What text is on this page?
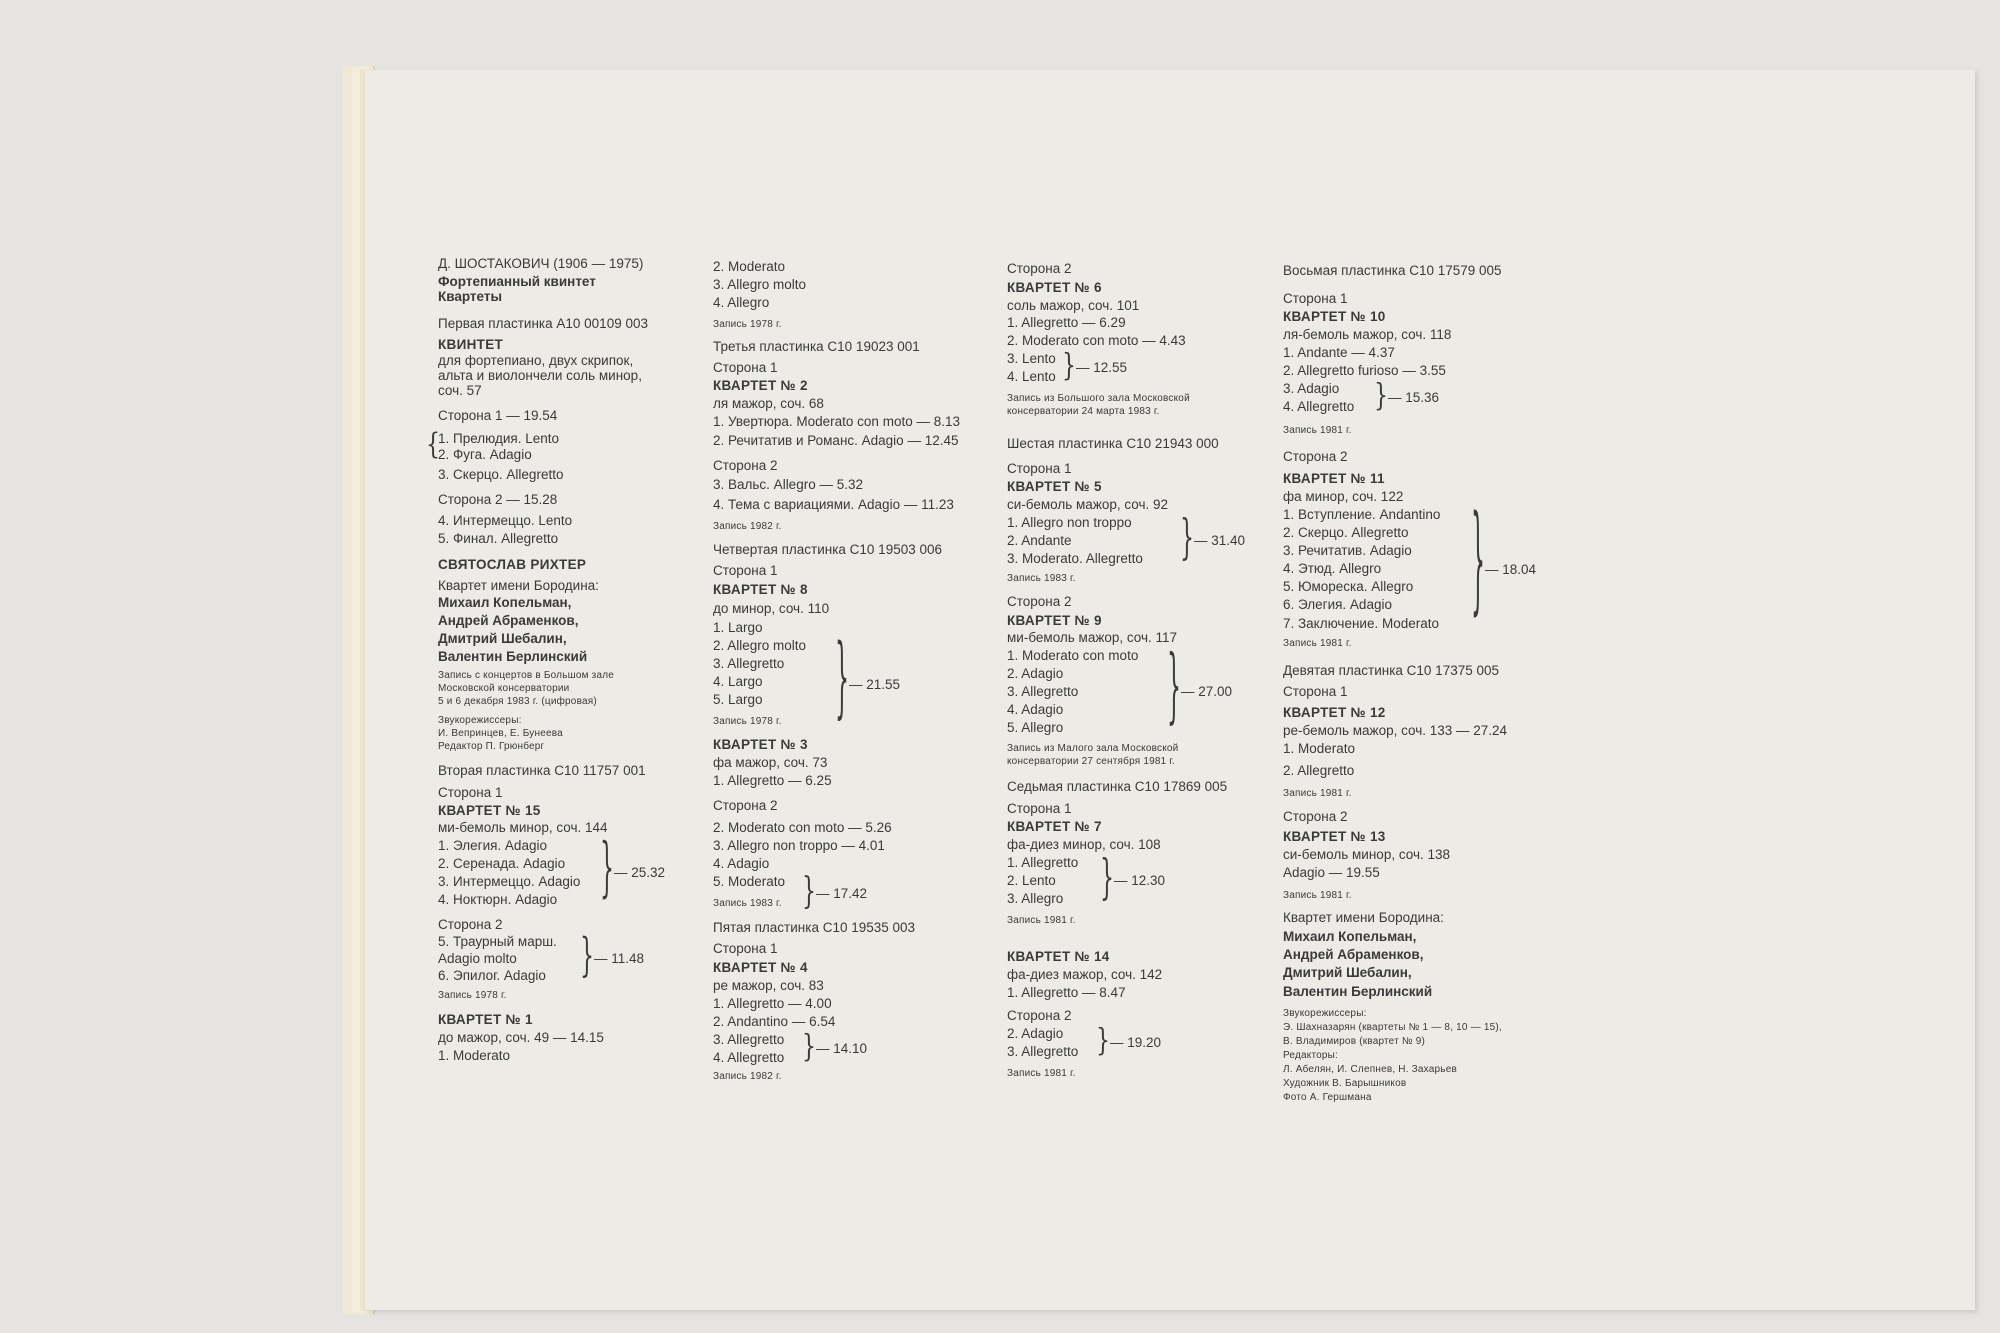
Д. ШОСТАКОВИЧ (1906 — 1975)
Фортепианный квинтет
Квартеты
Первая пластинка А10 00109 003
КВИНТЕТ
для фортепиано, двух скрипок,
альта и виолончели соль минор,
соч. 57
Сторона 1 — 19.54
1. Прелюдия. Lento
2. Фуга. Adagio
3. Скерцо. Allegretto
Сторона 2 — 15.28
4. Интермеццо. Lento
5. Финал. Allegretto
СВЯТОСЛАВ РИХТЕР
Квартет имени Бородина:
Михаил Копельман,
Андрей Абраменков,
Дмитрий Шебалин,
Валентин Берлинский
Запись с концертов в Большом зале
Московской консерватории
5 и 6 декабря 1983 г. (цифровая)
Звукорежиссеры:
И. Вепринцев, Е. Бунеева
Редактор П. Грюнберг
Вторая пластинка С10 11757 001
Сторона 1
КВАРТЕТ № 15
ми-бемоль минор, соч. 144
1. Элегия. Adagio
2. Серенада. Adagio
3. Интермеццо. Adagio
4. Ноктюрн. Adagio
Сторона 2
5. Траурный марш.
Adagio molto
6. Эпилог. Adagio
Запись 1978 г.
КВАРТЕТ № 1
до мажор, соч. 49 — 14.15
1. Moderato
} — 25.32
} — 11.48
{
2. Moderato
3. Allegro molto
4. Allegro
Запись 1978 г.
Третья пластинка С10 19023 001
Сторона 1
КВАРТЕТ № 2
ля мажор, соч. 68
1. Увертюра. Moderato con moto — 8.13
2. Речитатив и Романс. Adagio — 12.45
Сторона 2
3. Вальс. Allegro — 5.32
4. Тема с вариациями. Adagio — 11.23
Запись 1982 г.
Четвертая пластинка С10 19503 006
Сторона 1
КВАРТЕТ № 8
до минор, соч. 110
1. Largo
2. Allegro molto
3. Allegretto
4. Largo
5. Largo
Запись 1978 г.
КВАРТЕТ № 3
фа мажор, соч. 73
1. Allegretto — 6.25
Сторона 2
2. Moderato con moto — 5.26
3. Allegro non troppo — 4.01
4. Adagio
5. Moderato
Запись 1983 г.
Пятая пластинка С10 19535 003
Сторона 1
КВАРТЕТ № 4
ре мажор, соч. 83
1. Allegretto — 4.00
2. Andantino — 6.54
3. Allegretto
4. Allegretto
Запись 1982 г.
} — 21.55
} — 17.42
} — 14.10
Сторона 2
КВАРТЕТ № 6
соль мажор, соч. 101
1. Allegretto — 6.29
2. Moderato con moto — 4.43
3. Lento
4. Lento
Запись из Большого зала Московской
консерватории 24 марта 1983 г.
Шестая пластинка С10 21943 000
Сторона 1
КВАРТЕТ № 5
си-бемоль мажор, соч. 92
1. Allegro non troppo
2. Andante
3. Moderato. Allegretto
Запись 1983 г.
Сторона 2
КВАРТЕТ № 9
ми-бемоль мажор, соч. 117
1. Moderato con moto
2. Adagio
3. Allegretto
4. Adagio
5. Allegro
Запись из Малого зала Московской
консерватории 27 сентября 1981 г.
Седьмая пластинка С10 17869 005
Сторона 1
КВАРТЕТ № 7
фа-диез минор, соч. 108
1. Allegretto
2. Lento
3. Allegro
Запись 1981 г.
КВАРТЕТ № 14
фа-диез мажор, соч. 142
1. Allegretto — 8.47
Сторона 2
2. Adagio
3. Allegretto
Запись 1981 г.
} — 12.55
} — 31.40
} — 27.00
} — 12.30
} — 19.20
Восьмая пластинка С10 17579 005
Сторона 1
КВАРТЕТ № 10
ля-бемоль мажор, соч. 118
1. Andante — 4.37
2. Allegretto furioso — 3.55
3. Adagio
4. Allegretto
Запись 1981 г.
Сторона 2
КВАРТЕТ № 11
фа минор, соч. 122
1. Вступление. Andantino
2. Скерцо. Allegretto
3. Речитатив. Adagio
4. Этюд. Allegro
5. Юмореска. Allegro
6. Элегия. Adagio
7. Заключение. Moderato
Запись 1981 г.
Девятая пластинка С10 17375 005
Сторона 1
КВАРТЕТ № 12
ре-бемоль мажор, соч. 133 — 27.24
1. Moderato
2. Allegretto
Запись 1981 г.
Сторона 2
КВАРТЕТ № 13
си-бемоль минор, соч. 138
Adagio — 19.55
Запись 1981 г.
Квартет имени Бородина:
Михаил Копельман,
Андрей Абраменков,
Дмитрий Шебалин,
Валентин Берлинский
Звукорежиссеры:
Э. Шахназарян (квартеты № 1 — 8, 10 — 15),
В. Владимиров (квартет № 9)
Редакторы:
Л. Абелян, И. Слепнев, Н. Захарьев
Художник В. Барышников
Фото А. Гершмана
} — 15.36
} — 18.04
